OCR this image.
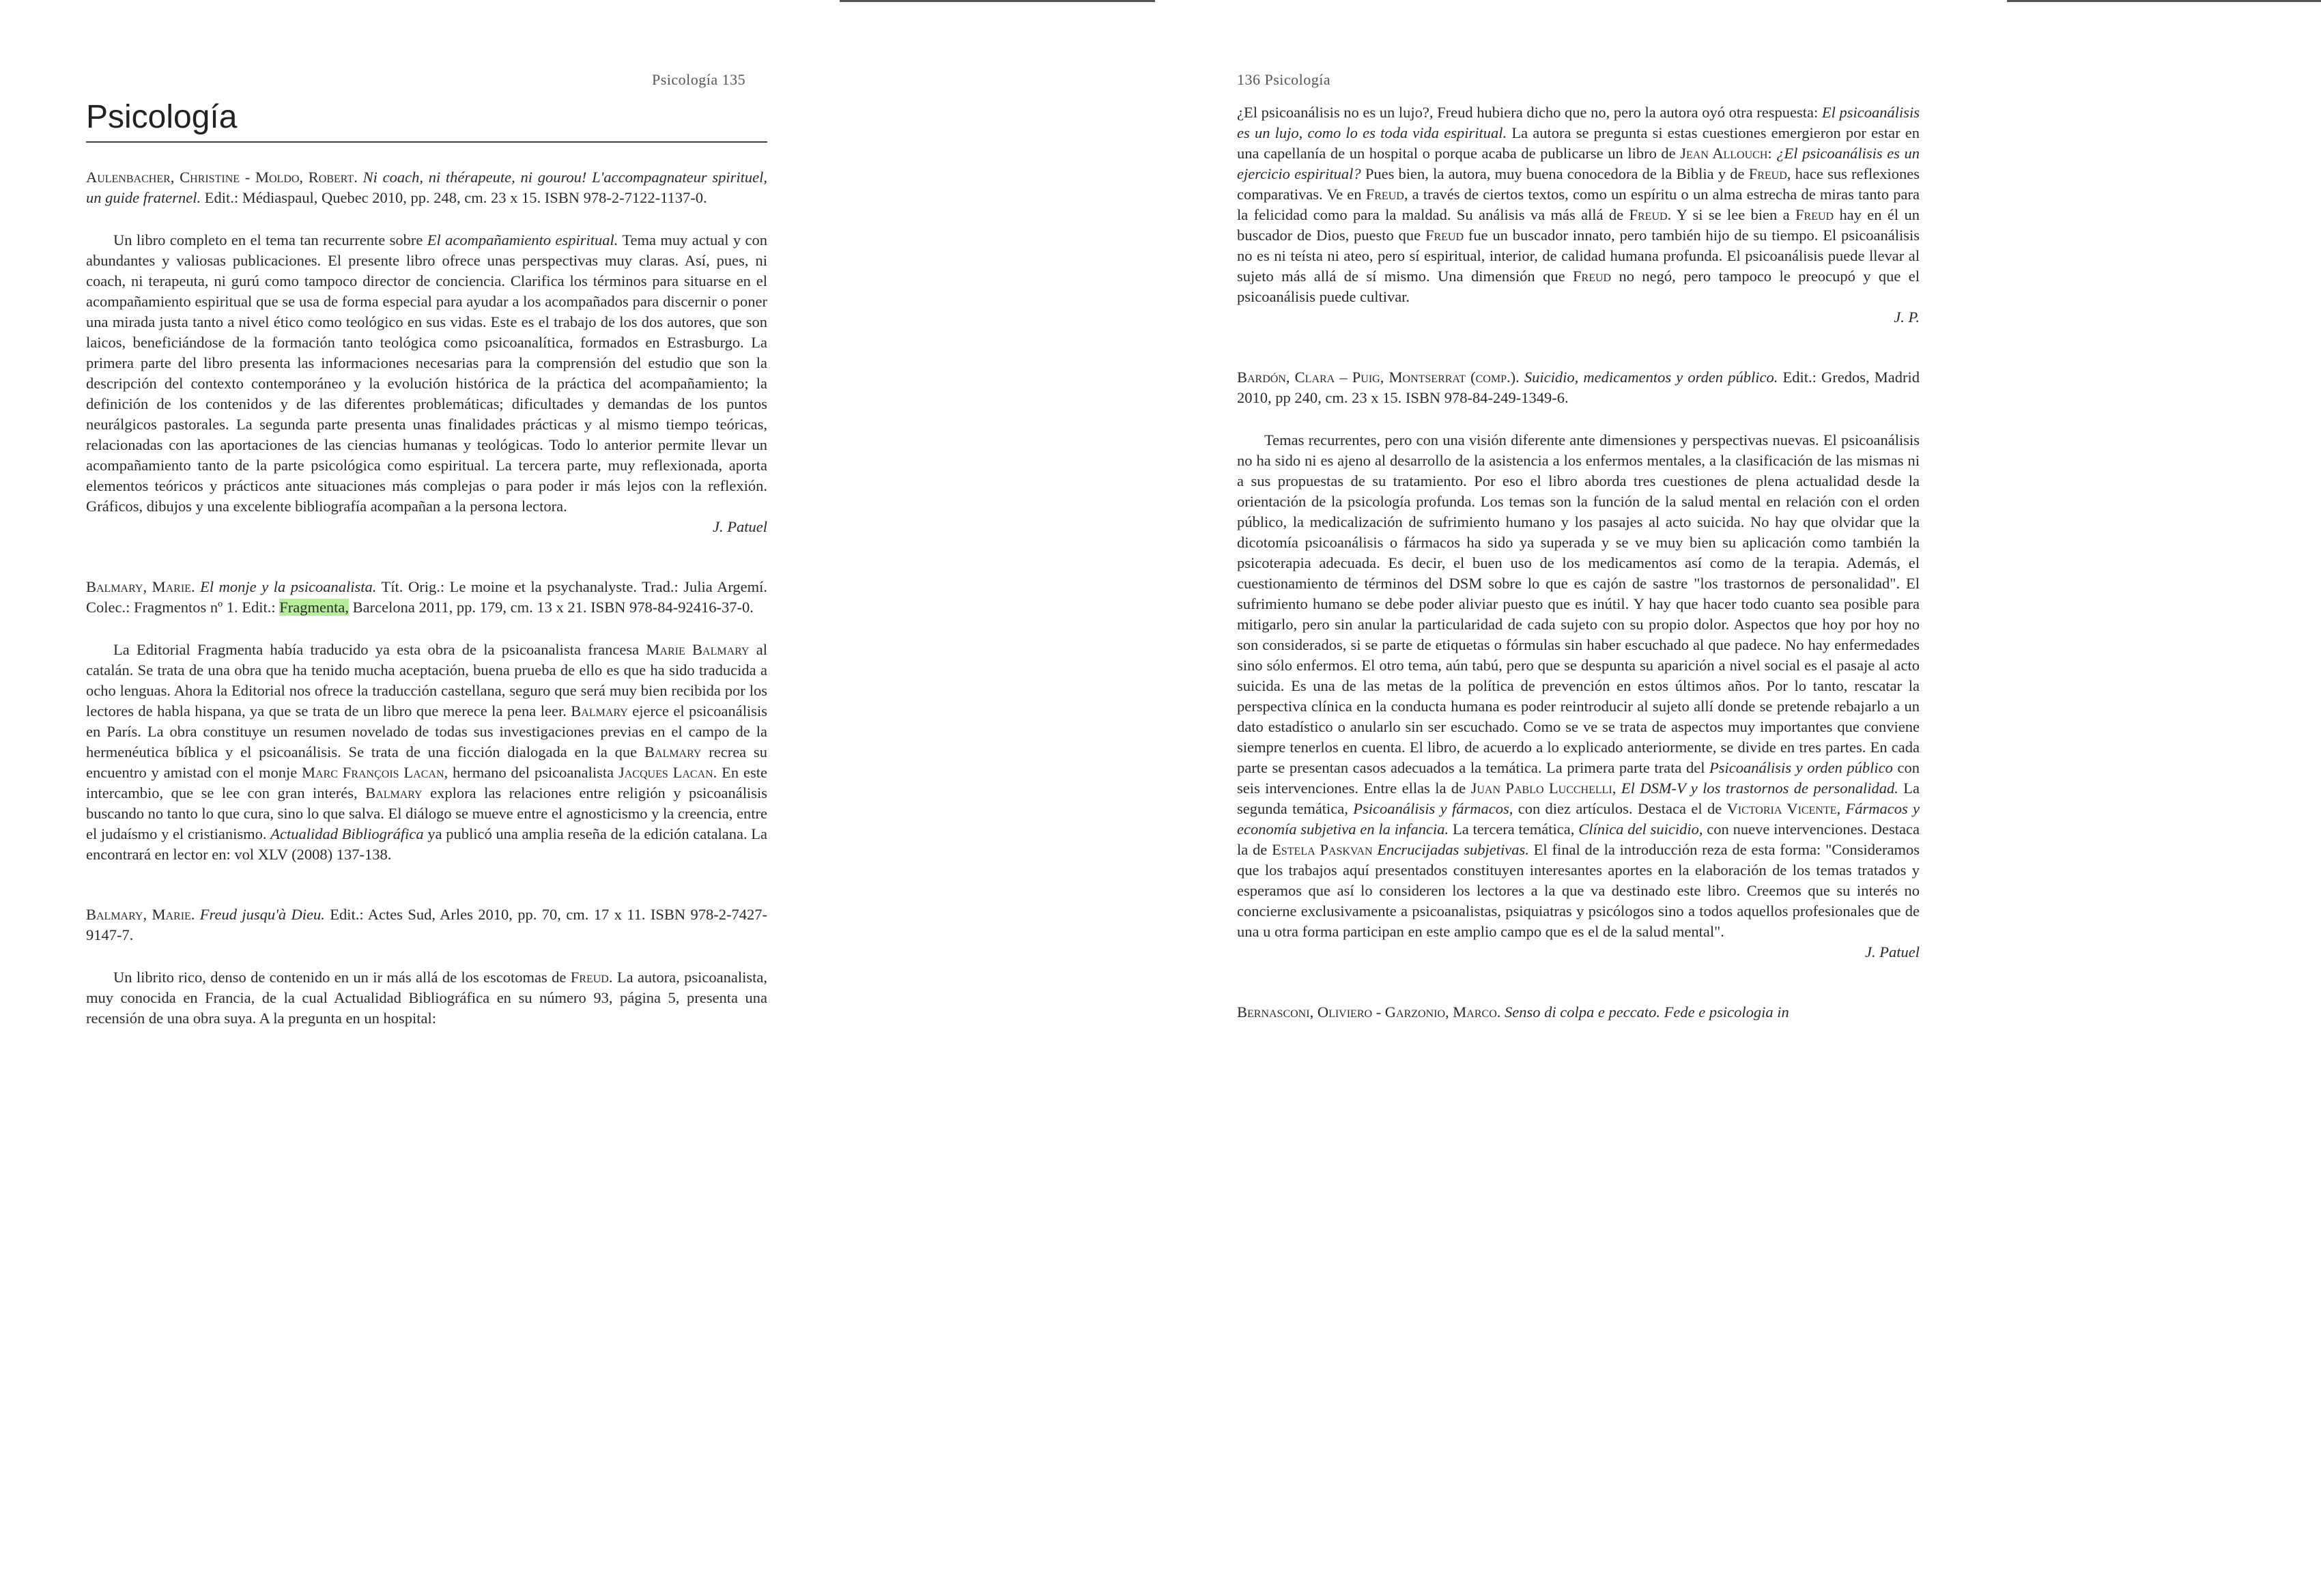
Psicología 135
Psicología

Aulenbacher, Christine - Moldo, Robert. Ni coach, ni thérapeute, ni gourou! L'accompagnateur spirituel, un guide fraternel. Edit.: Médiaspaul, Quebec 2010, pp. 248, cm. 23 x 15. ISBN 978-2-7122-1137-0.

Un libro completo en el tema tan recurrente sobre El acompañamiento espiritual. Tema muy actual y con abundantes y valiosas publicaciones. El presente libro ofrece unas perspectivas muy claras. Así, pues, ni coach, ni terapeuta, ni gurú como tampoco director de conciencia. Clarifica los términos para situarse en el acompañamiento espiritual que se usa de forma especial para ayudar a los acompañados para discernir o poner una mirada justa tanto a nivel ético como teológico en sus vidas. Este es el trabajo de los dos autores, que son laicos, beneficiándose de la formación tanto teológica como psicoanalítica, formados en Estrasburgo. La primera parte del libro presenta las informaciones necesarias para la comprensión del estudio que son la descripción del contexto contemporáneo y la evolución histórica de la práctica del acompañamiento; la definición de los contenidos y de las diferentes problemáticas; dificultades y demandas de los puntos neurálgicos pastorales. La segunda parte presenta unas finalidades prácticas y al mismo tiempo teóricas, relacionadas con las aportaciones de las ciencias humanas y teológicas. Todo lo anterior permite llevar un acompañamiento tanto de la parte psicológica como espiritual. La tercera parte, muy reflexionada, aporta elementos teóricos y prácticos ante situaciones más complejas o para poder ir más lejos con la reflexión. Gráficos, dibujos y una excelente bibliografía acompañan a la persona lectora.

J. Patuel

Balmary, Marie. El monje y la psicoanalista. Tít. Orig.: Le moine et la psychanalyste. Trad.: Julia Argemí. Colec.: Fragmentos nº 1. Edit.: Fragmenta, Barcelona 2011, pp. 179, cm. 13 x 21. ISBN 978-84-92416-37-0.

La Editorial Fragmenta había traducido ya esta obra de la psicoanalista francesa Marie Balmary al catalán. Se trata de una obra que ha tenido mucha aceptación, buena prueba de ello es que ha sido traducida a ocho lenguas. Ahora la Editorial nos ofrece la traducción castellana, seguro que será muy bien recibida por los lectores de habla hispana, ya que se trata de un libro que merece la pena leer. Balmary ejerce el psicoanálisis en París. La obra constituye un resumen novelado de todas sus investigaciones previas en el campo de la hermenéutica bíblica y el psicoanálisis. Se trata de una ficción dialogada en la que Balmary recrea su encuentro y amistad con el monje Marc François Lacan, hermano del psicoanalista Jacques Lacan. En este intercambio, que se lee con gran interés, Balmary explora las relaciones entre religión y psicoanálisis buscando no tanto lo que cura, sino lo que salva. El diálogo se mueve entre el agnosticismo y la creencia, entre el judaísmo y el cristianismo. Actualidad Bibliográfica ya publicó una amplia reseña de la edición catalana. La encontrará en lector en: vol XLV (2008) 137-138.

Balmary, Marie. Freud jusqu'à Dieu. Edit.: Actes Sud, Arles 2010, pp. 70, cm. 17 x 11. ISBN 978-2-7427-9147-7.

Un librito rico, denso de contenido en un ir más allá de los escotomas de Freud. La autora, psicoanalista, muy conocida en Francia, de la cual Actualidad Bibliográfica en su número 93, página 5, presenta una recensión de una obra suya. A la pregunta en un hospital:

136 Psicología

¿El psicoanálisis no es un lujo?, Freud hubiera dicho que no, pero la autora oyó otra respuesta: El psicoanálisis es un lujo, como lo es toda vida espiritual. La autora se pregunta si estas cuestiones emergieron por estar en una capellanía de un hospital o porque acaba de publicarse un libro de Jean Allouch: ¿El psicoanálisis es un ejercicio espiritual? Pues bien, la autora, muy buena conocedora de la Biblia y de Freud, hace sus reflexiones comparativas. Ve en Freud, a través de ciertos textos, como un espíritu o un alma estrecha de miras tanto para la felicidad como para la maldad. Su análisis va más allá de Freud. Y si se lee bien a Freud hay en él un buscador de Dios, puesto que Freud fue un buscador innato, pero también hijo de su tiempo. El psicoanálisis no es ni teísta ni ateo, pero sí espiritual, interior, de calidad humana profunda. El psicoanálisis puede llevar al sujeto más allá de sí mismo. Una dimensión que Freud no negó, pero tampoco le preocupó y que el psicoanálisis puede cultivar.

J. P.

Bardón, Clara – Puig, Montserrat (comp.). Suicidio, medicamentos y orden público. Edit.: Gredos, Madrid 2010, pp 240, cm. 23 x 15. ISBN 978-84-249-1349-6.

Temas recurrentes, pero con una visión diferente ante dimensiones y perspectivas nuevas. El psicoanálisis no ha sido ni es ajeno al desarrollo de la asistencia a los enfermos mentales, a la clasificación de las mismas ni a sus propuestas de su tratamiento. Por eso el libro aborda tres cuestiones de plena actualidad desde la orientación de la psicología profunda. Los temas son la función de la salud mental en relación con el orden público, la medicalización de sufrimiento humano y los pasajes al acto suicida. No hay que olvidar que la dicotomía psicoanálisis o fármacos ha sido ya superada y se ve muy bien su aplicación como también la psicoterapia adecuada. Es decir, el buen uso de los medicamentos así como de la terapia. Además, el cuestionamiento de términos del DSM sobre lo que es cajón de sastre "los trastornos de personalidad". El sufrimiento humano se debe poder aliviar puesto que es inútil. Y hay que hacer todo cuanto sea posible para mitigarlo, pero sin anular la particularidad de cada sujeto con su propio dolor. Aspectos que hoy por hoy no son considerados, si se parte de etiquetas o fórmulas sin haber escuchado al que padece. No hay enfermedades sino sólo enfermos. El otro tema, aún tabú, pero que se despunta su aparición a nivel social es el pasaje al acto suicida. Es una de las metas de la política de prevención en estos últimos años. Por lo tanto, rescatar la perspectiva clínica en la conducta humana es poder reintroducir al sujeto allí donde se pretende rebajarlo a un dato estadístico o anularlo sin ser escuchado. Como se ve se trata de aspectos muy importantes que conviene siempre tenerlos en cuenta. El libro, de acuerdo a lo explicado anteriormente, se divide en tres partes. En cada parte se presentan casos adecuados a la temática. La primera parte trata del Psicoanálisis y orden público con seis intervenciones. Entre ellas la de Juan Pablo Lucchelli, El DSM-V y los trastornos de personalidad. La segunda temática, Psicoanálisis y fármacos, con diez artículos. Destaca el de Victoria Vicente, Fármacos y economía subjetiva en la infancia. La tercera temática, Clínica del suicidio, con nueve intervenciones. Destaca la de Estela Paskvan Encrucijadas subjetivas. El final de la introducción reza de esta forma: "Consideramos que los trabajos aquí presentados constituyen interesantes aportes en la elaboración de los temas tratados y esperamos que así lo consideren los lectores a la que va destinado este libro. Creemos que su interés no concierne exclusivamente a psicoanalistas, psiquiatras y psicólogos sino a todos aquellos profesionales que de una u otra forma participan en este amplio campo que es el de la salud mental".

J. Patuel

Bernasconi, Oliviero - Garzonio, Marco. Senso di colpa e peccato. Fede e psicologia in
